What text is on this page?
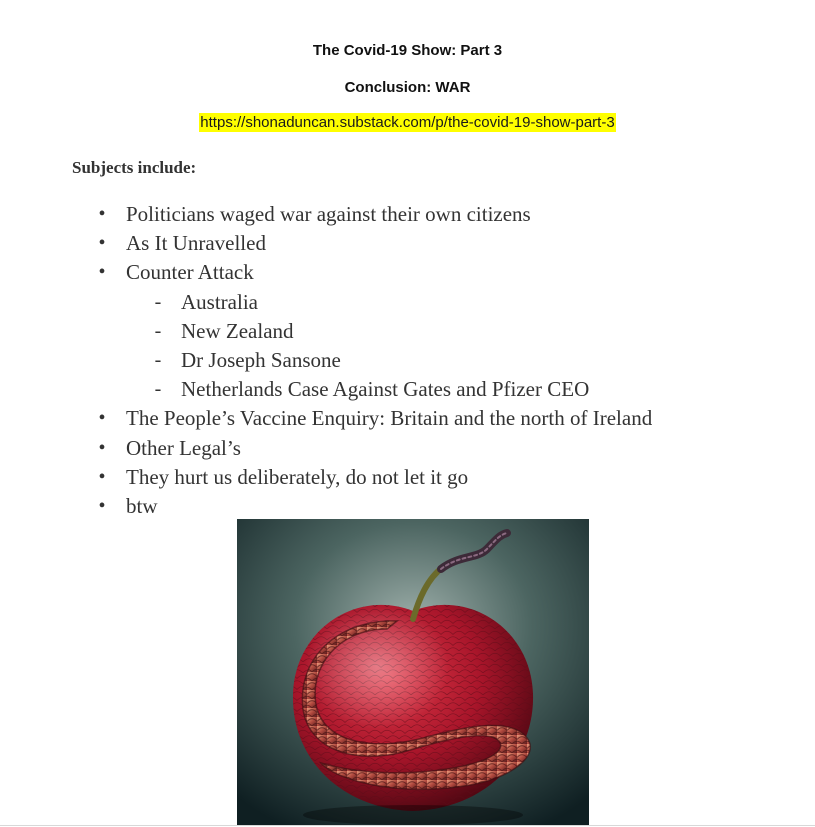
The Covid-19 Show: Part 3
Conclusion: WAR
https://shonaduncan.substack.com/p/the-covid-19-show-part-3
Subjects include:
• Politicians waged war against their own citizens
• As It Unravelled
• Counter Attack
- Australia
- New Zealand
- Dr Joseph Sansone
- Netherlands Case Against Gates and Pfizer CEO
• The People’s Vaccine Enquiry: Britain and the north of Ireland
• Other Legal’s
• They hurt us deliberately, do not let it go
• btw
